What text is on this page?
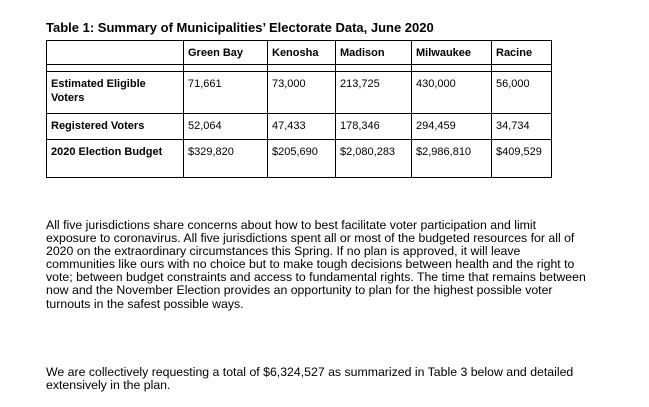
Table 1: Summary of Municipalities’ Electorate Data, June 2020

	Green Bay	Kenosha	Madison	Milwaukee	Racine

Estimated Eligible Voters	71,661	73,000	213,725	430,000	56,000
Registered Voters	52,064	47,433	178,346	294,459	34,734
2020 Election Budget	$329,820	$205,690	$2,080,283	$2,986,810	$409,529

All five jurisdictions share concerns about how to best facilitate voter participation and limit exposure to coronavirus. All five jurisdictions spent all or most of the budgeted resources for all of 2020 on the extraordinary circumstances this Spring. If no plan is approved, it will leave communities like ours with no choice but to make tough decisions between health and the right to vote; between budget constraints and access to fundamental rights. The time that remains between now and the November Election provides an opportunity to plan for the highest possible voter turnouts in the safest possible ways.

We are collectively requesting a total of $6,324,527 as summarized in Table 3 below and detailed extensively in the plan.
